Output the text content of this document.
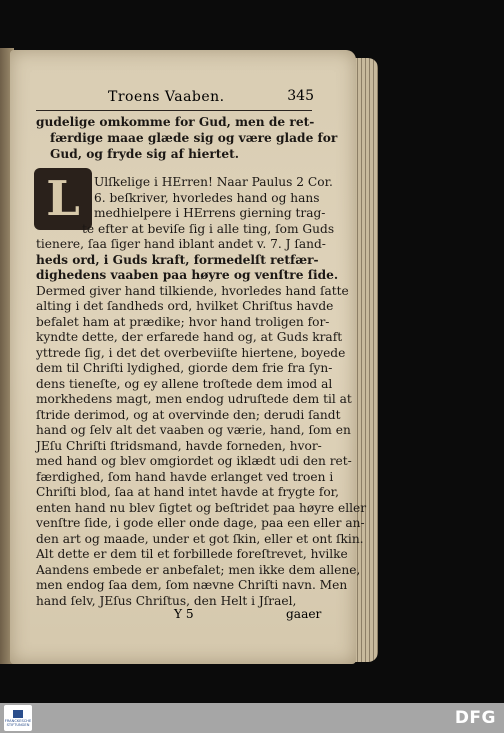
Troens Vaaben.	345
gudelige omkomme for Gud, men de ret-
færdige maae glæde sig og være glade for
Gud, og fryde sig af hiertet.
L	Ulſkelige i HErren! Naar Paulus 2 Cor.
6. beſkriver, hvorledes hand og hans
medhielpere i HErrens gierning trag-
te efter at beviſe ſig i alle ting, ſom Guds
tienere, ſaa ſiger hand iblant andet v. 7. J ſand-
heds ord, i Guds kraft, formedelſt retfær-
dighedens vaaben paa høyre og venſtre ſide.
Dermed giver hand tilkiende, hvorledes hand ſatte
alting i det ſandheds ord, hvilket Chriſtus havde
befalet ham at prædike; hvor hand troligen for-
kyndte dette, der erfarede hand og, at Guds kraft
yttrede ſig, i det det overbeviiſte hiertene, boyede
dem til Chriſti lydighed, giorde dem frie fra ſyn-
dens tieneſte, og ey allene troſtede dem imod al
morkhedens magt, men endog udruſtede dem til at
ſtride derimod, og at overvinde den; derudi ſandt
hand og ſelv alt det vaaben og værie, hand, ſom en
JEſu Chriſti ſtridsmand, havde forneden, hvor-
med hand og blev omgiordet og iklædt udi den ret-
færdighed, ſom hand havde erlanget ved troen i
Chriſti blod, ſaa at hand intet havde at frygte for,
enten hand nu blev ſigtet og beſtridet paa høyre eller
venſtre ſide, i gode eller onde dage, paa een eller an-
den art og maade, under et got ſkin, eller et ont ſkin.
Alt dette er dem til et forbillede foreſtrevet, hvilke
Aandens embede er anbefalet; men ikke dem allene,
men endog ſaa dem, ſom nævne Chriſti navn. Men
hand ſelv, JEſus Chriſtus, den Helt i Jſrael,
Y 5	gaaer
FRANCKESCHE STIFTUNGEN	DFG
